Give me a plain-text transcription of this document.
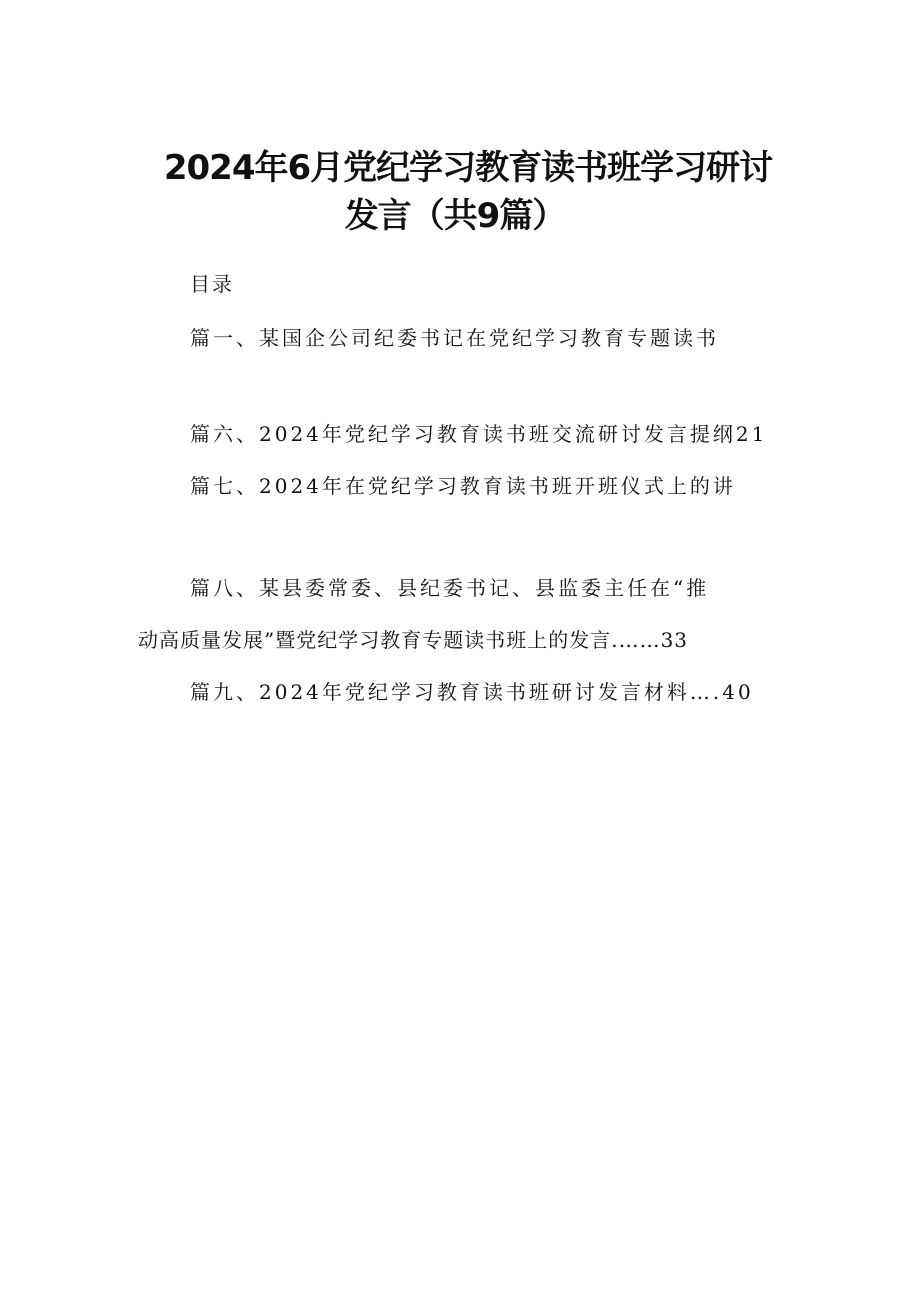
2024年6月党纪学习教育读书班学习研讨
发言（共9篇）
目录
篇一、某国企公司纪委书记在党纪学习教育专题读书
篇六、2024年党纪学习教育读书班交流研讨发言提纲21
篇七、2024年在党纪学习教育读书班开班仪式上的讲
篇八、某县委常委、县纪委书记、县监委主任在“推
动高质量发展”暨党纪学习教育专题读书班上的发言.……33
篇九、2024年党纪学习教育读书班研讨发言材料….40
